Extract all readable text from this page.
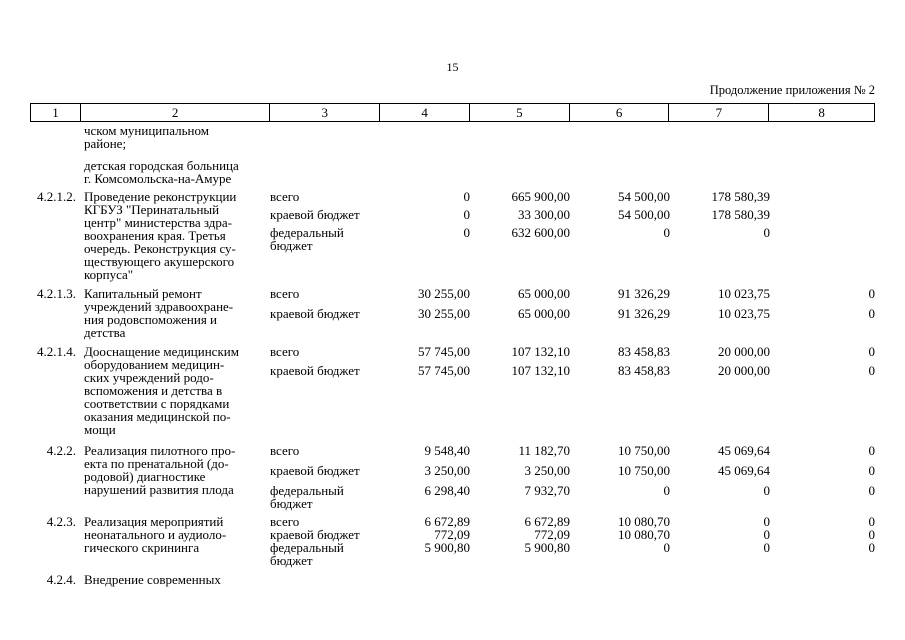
15
Продолжение приложения № 2
1	2	3	4	5	6	7	8
чском муниципальном
районе;
детская городская больница
г. Комсомольска-на-Амуре
4.2.1.2. Проведение реконструкции
КГБУЗ "Перинатальный
центр" министерства здра-
воохранения края. Третья
очередь. Реконструкция су-
ществующего акушерского
корпуса"
всего	0	665 900,00	54 500,00	178 580,39
краевой бюджет	0	33 300,00	54 500,00	178 580,39
федеральный
бюджет
0	632 600,00	0	0
4.2.1.3. Капитальный ремонт
учреждений здравоохране-
ния родовспоможения и
детства
всего	30 255,00	65 000,00	91 326,29	10 023,75	0
краевой бюджет	30 255,00	65 000,00	91 326,29	10 023,75	0
4.2.1.4. Дооснащение медицинским
оборудованием медицин-
ских учреждений родо-
вспоможения и детства в
соответствии с порядками
оказания медицинской по-
мощи
всего	57 745,00	107 132,10	83 458,83	20 000,00	0
краевой бюджет	57 745,00	107 132,10	83 458,83	20 000,00	0
4.2.2. Реализация пилотного про-
екта по пренатальной (до-
родовой) диагностике
нарушений развития плода
всего	9 548,40	11 182,70	10 750,00	45 069,64	0
краевой бюджет	3 250,00	3 250,00	10 750,00	45 069,64	0
федеральный
бюджет
6 298,40	7 932,70	0	0	0
4.2.3. Реализация мероприятий
неонатального и аудиоло-
гического скрининга
всего	6 672,89	6 672,89	10 080,70	0	0
краевой бюджет	772,09	772,09	10 080,70	0	0
федеральный
бюджет
5 900,80	5 900,80	0	0	0
4.2.4. Внедрение современных
